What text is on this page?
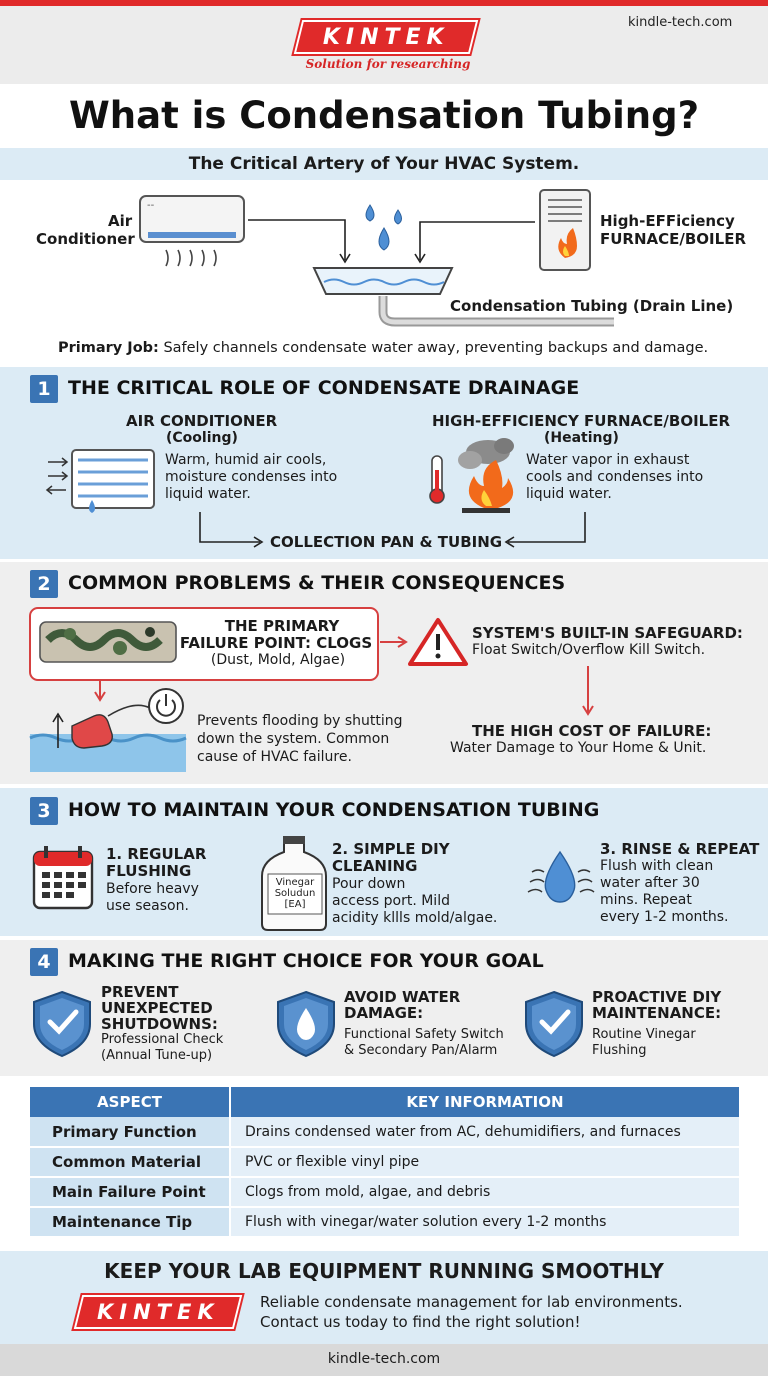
KINTEK
Solution for researching
kindle-tech.com
What is Condensation Tubing?
The Critical Artery of Your HVAC System.
Air
Conditioner
High-EFFiciency
FURNACE/BOILER
Condensation Tubing (Drain Line)
--
Primary Job: Safely channels condensate water away, preventing backups and damage.
1 THE CRITICAL ROLE OF CONDENSATE DRAINAGE
AIR CONDITIONER
(Cooling)
Warm, humid air cools,
moisture condenses into
liquid water.
HIGH-EFFICIENCY FURNACE/BOILER
(Heating)
Water vapor in exhaust
cools and condenses into
liquid water.
COLLECTION PAN & TUBING
2 COMMON PROBLEMS & THEIR CONSEQUENCES
THE PRIMARY
FAILURE POINT: CLOGS
(Dust, Mold, Algae)
SYSTEM'S BUILT-IN SAFEGUARD:
Float Switch/Overflow Kill Switch.
Prevents flooding by shutting
down the system. Common
cause of HVAC failure.
THE HIGH COST OF FAILURE:
Water Damage to Your Home & Unit.
3 HOW TO MAINTAIN YOUR CONDENSATION TUBING
Vinegar
Soludun
[EA]
1. REGULAR
FLUSHING
Before heavy
use season.
2. SIMPLE DIY
CLEANING
Pour down
access port. Mild
acidity kllls mold/algae.
3. RINSE & REPEAT
Flush with clean
water after 30
mins. Repeat
every 1-2 months.
4 MAKING THE RIGHT CHOICE FOR YOUR GOAL
PREVENT
UNEXPECTED
SHUTDOWNS:
Professional Check
(Annual Tune-up)
AVOID WATER
DAMAGE:
Functional Safety Switch
& Secondary Pan/Alarm
PROACTIVE DIY
MAINTENANCE:
Routine Vinegar
Flushing
ASPECT	KEY INFORMATION
Primary Function	Drains condensed water from AC, dehumidifiers, and furnaces
Common Material	PVC or flexible vinyl pipe
Main Failure Point	Clogs from mold, algae, and debris
Maintenance Tip	Flush with vinegar/water solution every 1-2 months
KEEP YOUR LAB EQUIPMENT RUNNING SMOOTHLY
KINTEK	Reliable condensate management for lab environments.
Contact us today to find the right solution!
kindle-tech.com
